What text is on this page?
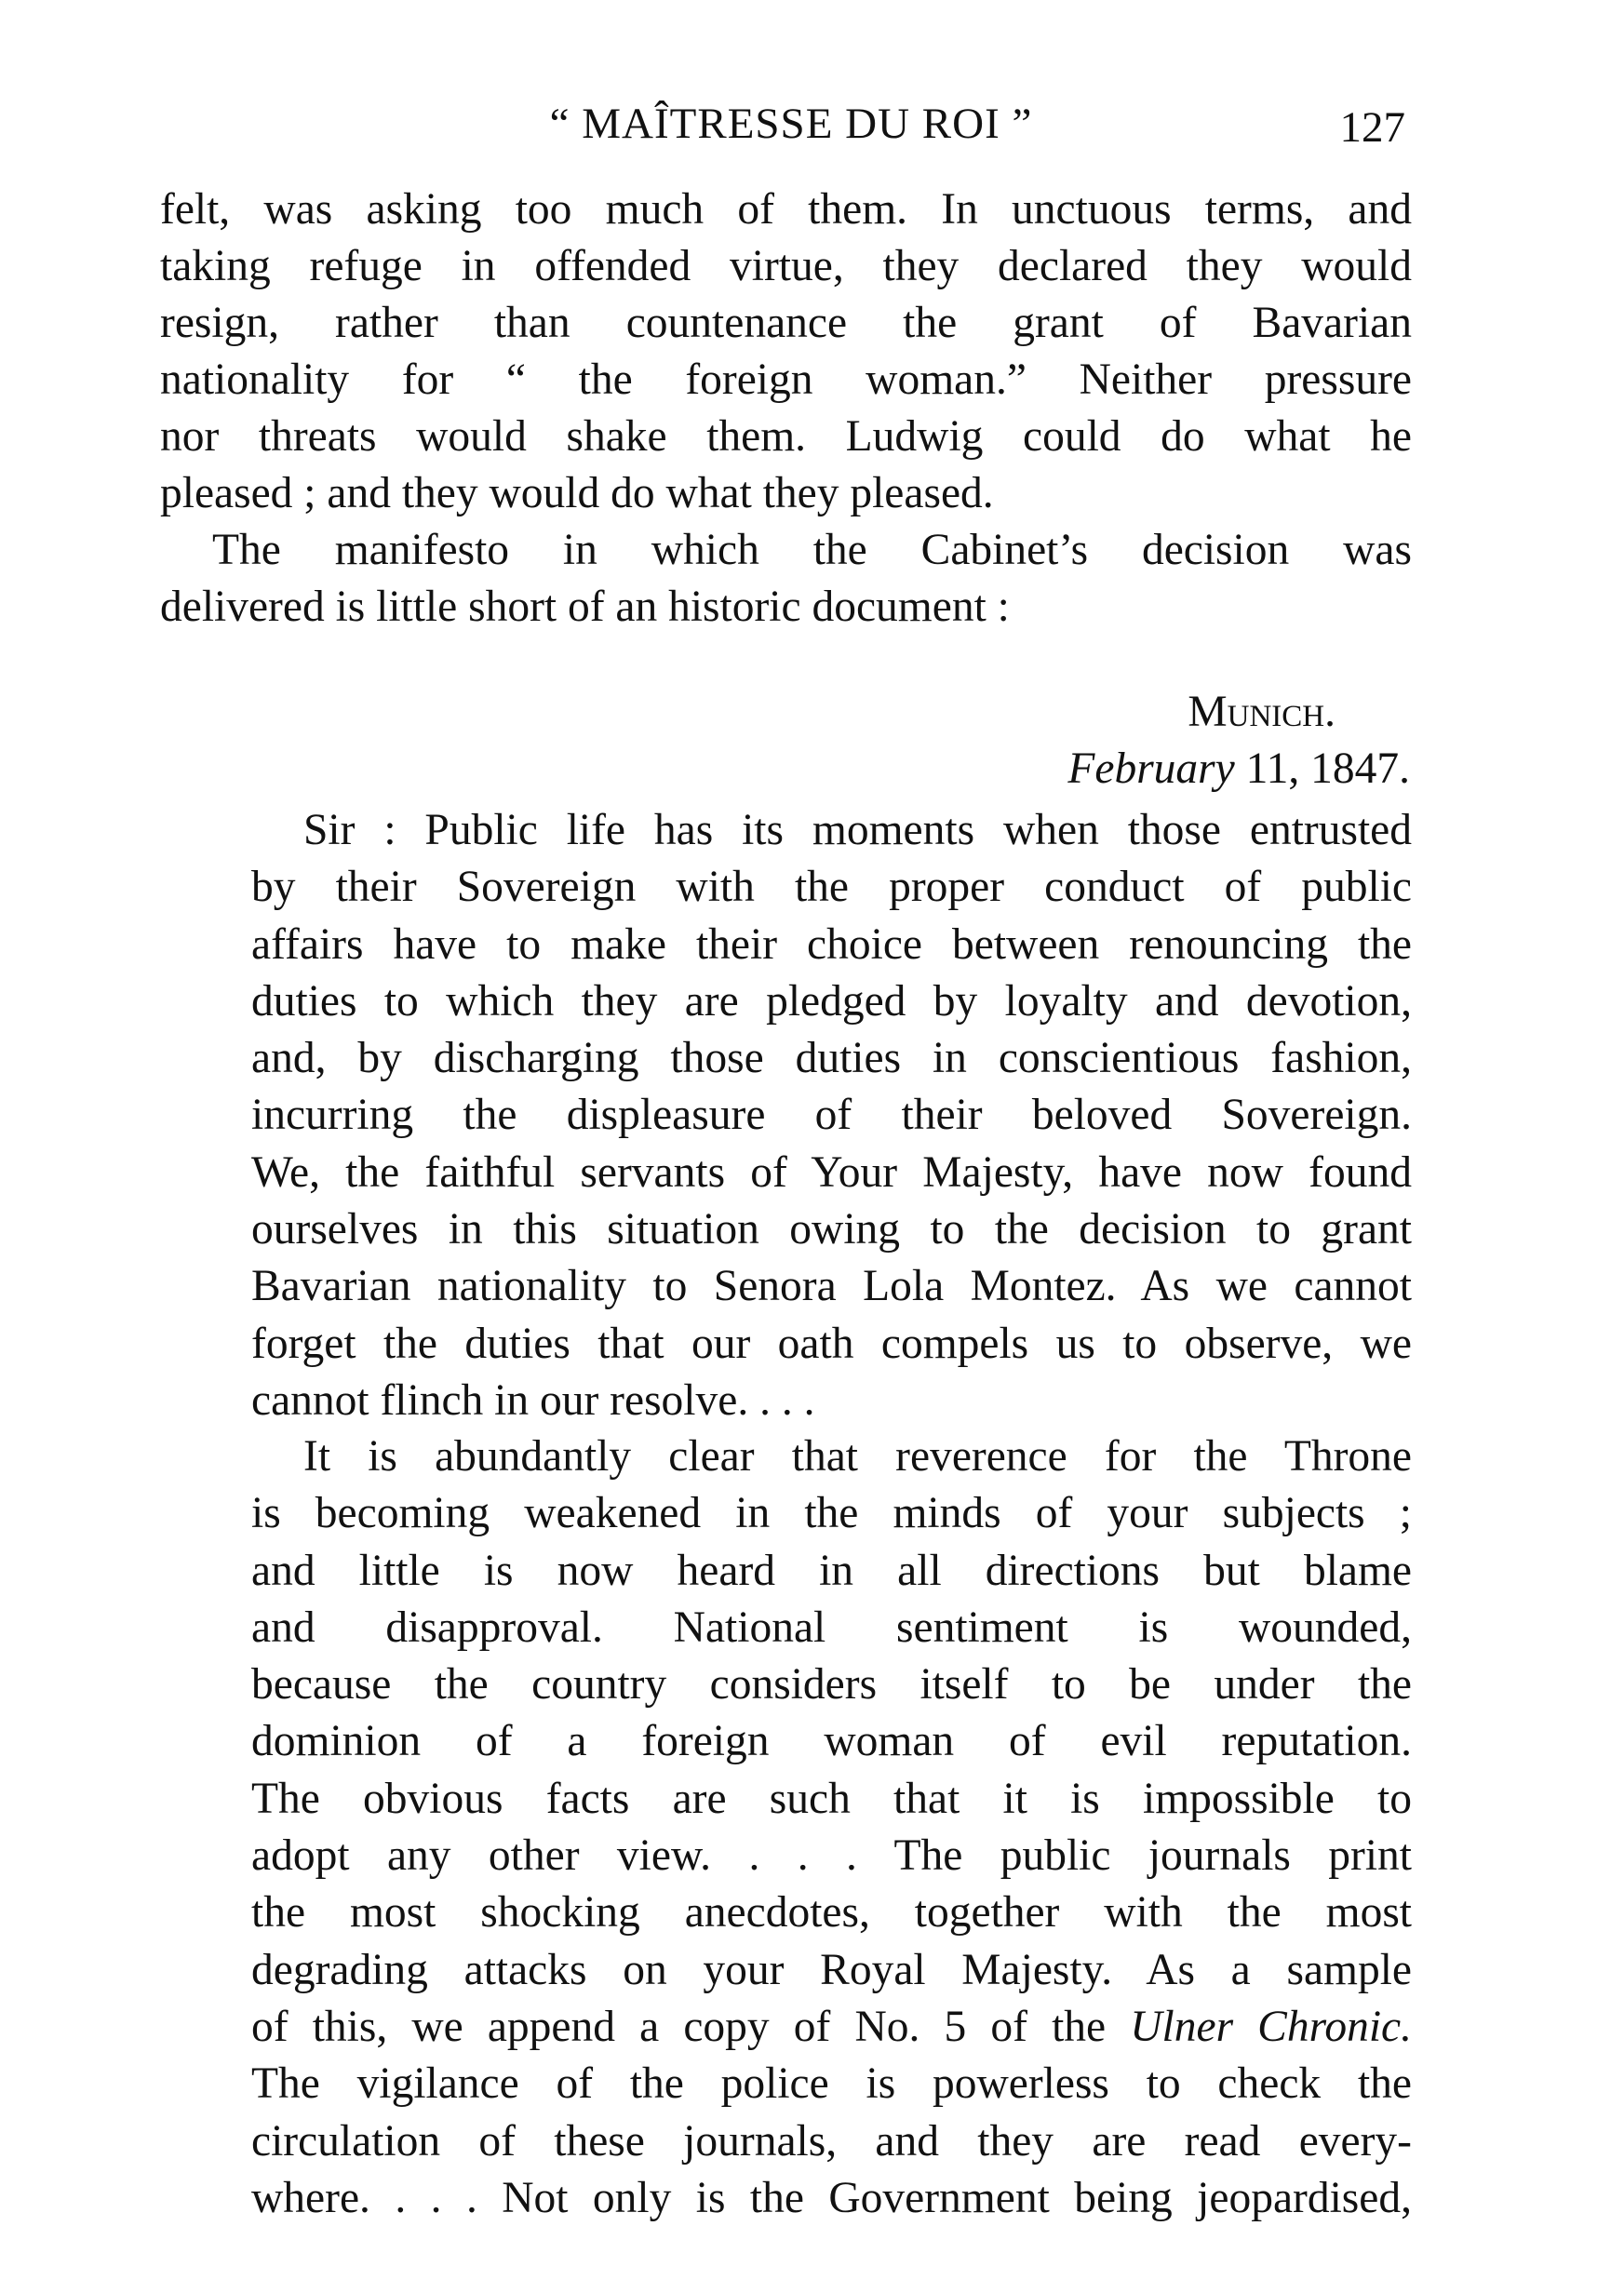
“ MAÎTRESSE DU ROI ”	127
felt, was asking too much of them. In unctuous terms, and
taking refuge in offended virtue, they declared they would
resign, rather than countenance the grant of Bavarian
nationality for “ the foreign woman.” Neither pressure
nor threats would shake them. Ludwig could do what he
pleased ; and they would do what they pleased.
The manifesto in which the Cabinet’s decision was
delivered is little short of an historic document :
Munich.
February 11, 1847.
Sir : Public life has its moments when those entrusted
by their Sovereign with the proper conduct of public
affairs have to make their choice between renouncing the
duties to which they are pledged by loyalty and devotion,
and, by discharging those duties in conscientious fashion,
incurring the displeasure of their beloved Sovereign.
We, the faithful servants of Your Majesty, have now found
ourselves in this situation owing to the decision to grant
Bavarian nationality to Senora Lola Montez. As we cannot
forget the duties that our oath compels us to observe, we
cannot flinch in our resolve. . . .
It is abundantly clear that reverence for the Throne
is becoming weakened in the minds of your subjects ;
and little is now heard in all directions but blame
and disapproval. National sentiment is wounded,
because the country considers itself to be under the
dominion of a foreign woman of evil reputation.
The obvious facts are such that it is impossible to
adopt any other view. . . . The public journals print
the most shocking anecdotes, together with the most
degrading attacks on your Royal Majesty. As a sample
of this, we append a copy of No. 5 of the Ulner Chronic.
The vigilance of the police is powerless to check the
circulation of these journals, and they are read every-
where. . . . Not only is the Government being jeopardised,
